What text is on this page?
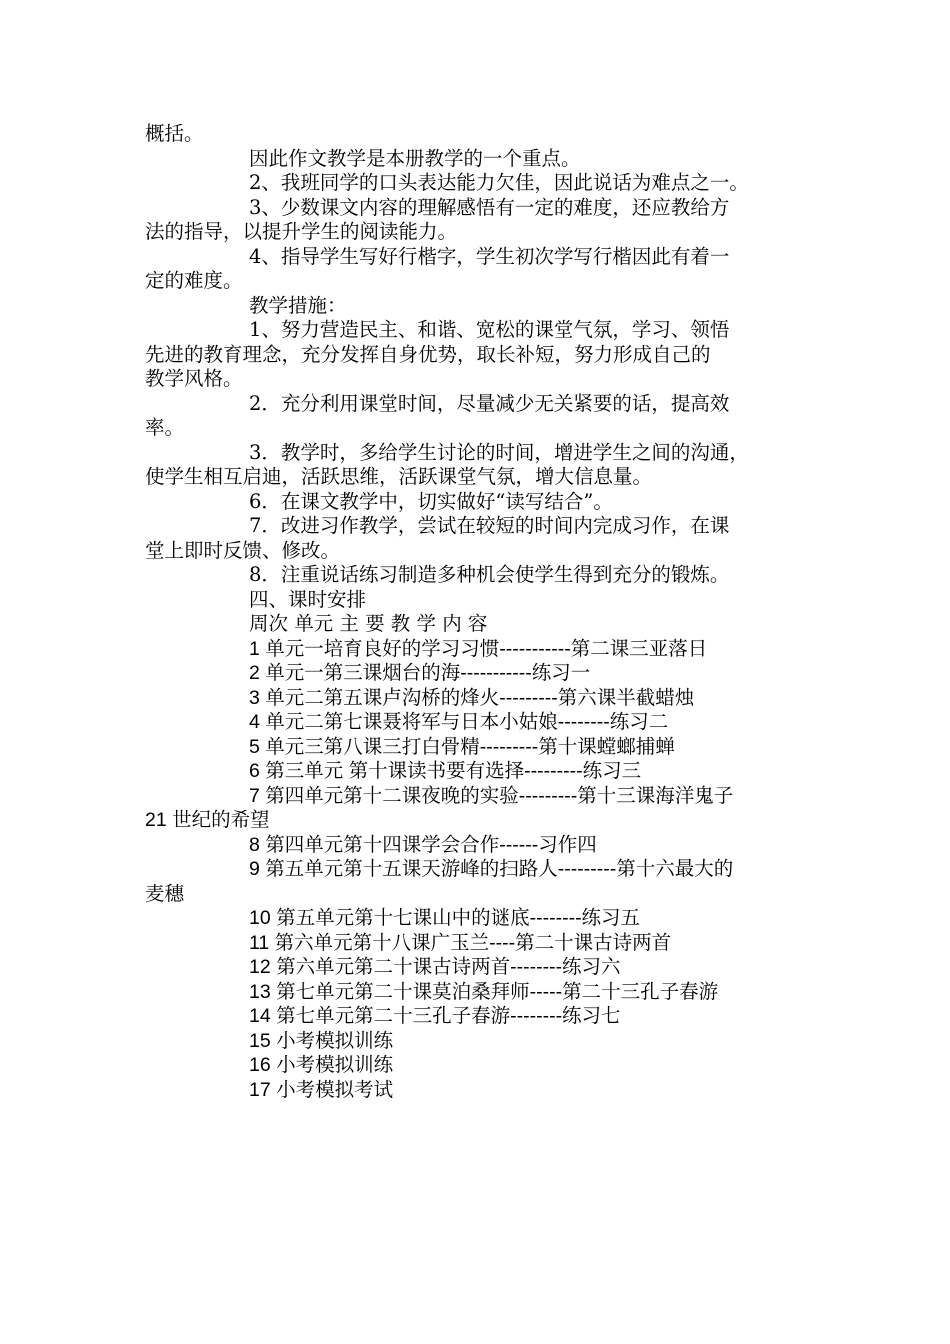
概括。
因此作文教学是本册教学的一个重点。
2、我班同学的口头表达能力欠佳，因此说话为难点之一。
3、少数课文内容的理解感悟有一定的难度，还应教给方
法的指导，以提升学生的阅读能力。
4、指导学生写好行楷字，学生初次学写行楷因此有着一
定的难度。
教学措施：
1、努力营造民主、和谐、宽松的课堂气氛，学习、领悟
先进的教育理念，充分发挥自身优势，取长补短，努力形成自己的
教学风格。
2．充分利用课堂时间，尽量减少无关紧要的话，提高效
率。
3．教学时，多给学生讨论的时间，增进学生之间的沟通，
使学生相互启迪，活跃思维，活跃课堂气氛，增大信息量。
6．在课文教学中，切实做好“读写结合”。
7．改进习作教学，尝试在较短的时间内完成习作，在课
堂上即时反馈、修改。
8．注重说话练习制造多种机会使学生得到充分的锻炼。
四、课时安排
周次 单元 主 要 教 学 内 容
1 单元一培育良好的学习习惯-----------第二课三亚落日
2 单元一第三课烟台的海-----------练习一
3 单元二第五课卢沟桥的烽火---------第六课半截蜡烛
4 单元二第七课聂将军与日本小姑娘--------练习二
5 单元三第八课三打白骨精---------第十课螳螂捕蝉
6 第三单元 第十课读书要有选择---------练习三
7 第四单元第十二课夜晚的实验---------第十三课海洋鬼子
21 世纪的希望
8 第四单元第十四课学会合作------习作四
9 第五单元第十五课天游峰的扫路人---------第十六最大的
麦穗
10 第五单元第十七课山中的谜底--------练习五
11 第六单元第十八课广玉兰----第二十课古诗两首
12 第六单元第二十课古诗两首--------练习六
13 第七单元第二十课莫泊桑拜师-----第二十三孔子春游
14 第七单元第二十三孔子春游--------练习七
15 小考模拟训练
16 小考模拟训练
17 小考模拟考试
